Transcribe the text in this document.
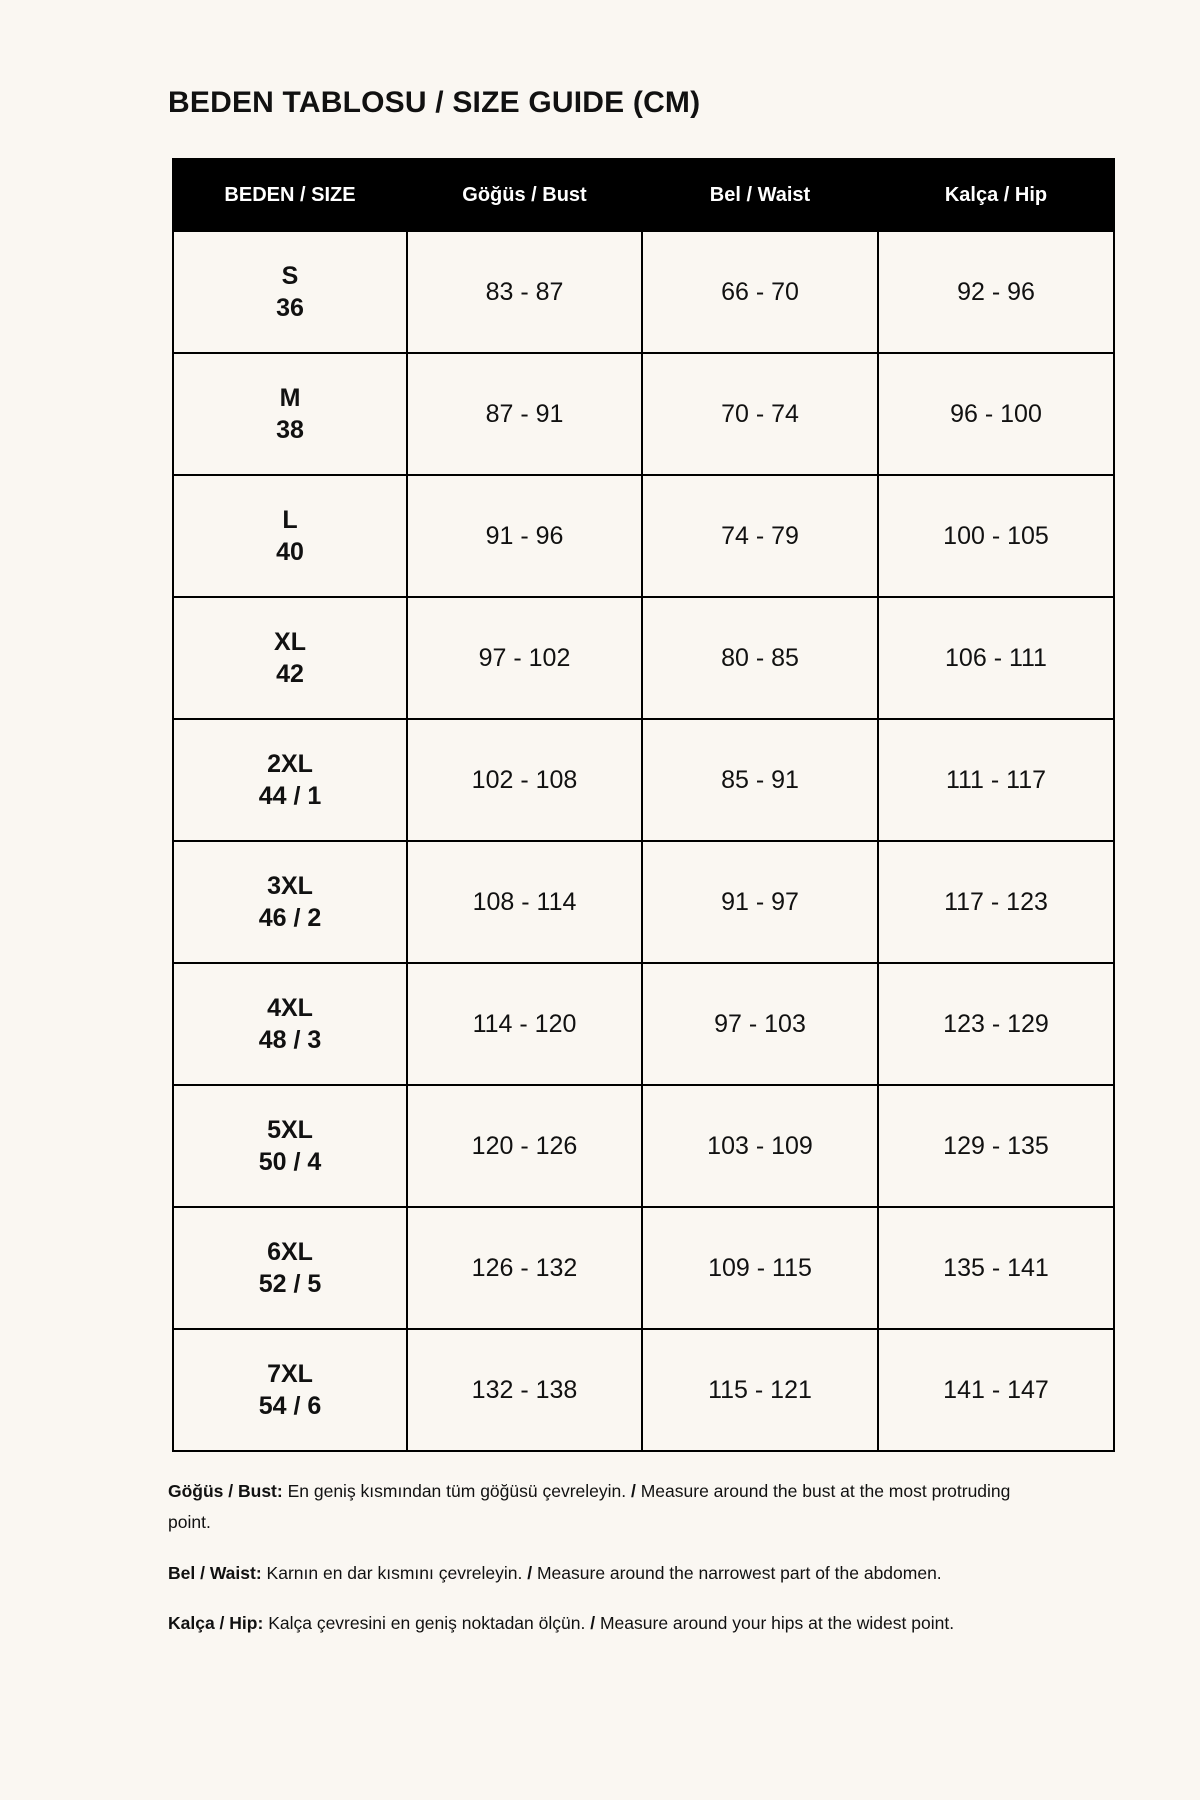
BEDEN TABLOSU / SIZE GUIDE (CM)
BEDEN / SIZE	Göğüs / Bust	Bel / Waist	Kalça / Hip

S
36	83 - 87	66 - 70	92 - 96

M
38	87 - 91	70 - 74	96 - 100

L
40	91 - 96	74 - 79	100 - 105

XL
42	97 - 102	80 - 85	106 - 111

2XL
44 / 1	102 - 108	85 - 91	111 - 117

3XL
46 / 2	108 - 114	91 - 97	117 - 123

4XL
48 / 3	114 - 120	97 - 103	123 - 129

5XL
50 / 4	120 - 126	103 - 109	129 - 135

6XL
52 / 5	126 - 132	109 - 115	135 - 141

7XL
54 / 6	132 - 138	115 - 121	141 - 147

Göğüs / Bust: En geniş kısmından tüm göğüsü çevreleyin. / Measure around the bust at the most protruding point.

Bel / Waist: Karnın en dar kısmını çevreleyin. / Measure around the narrowest part of the abdomen.

Kalça / Hip: Kalça çevresini en geniş noktadan ölçün. / Measure around your hips at the widest point.
